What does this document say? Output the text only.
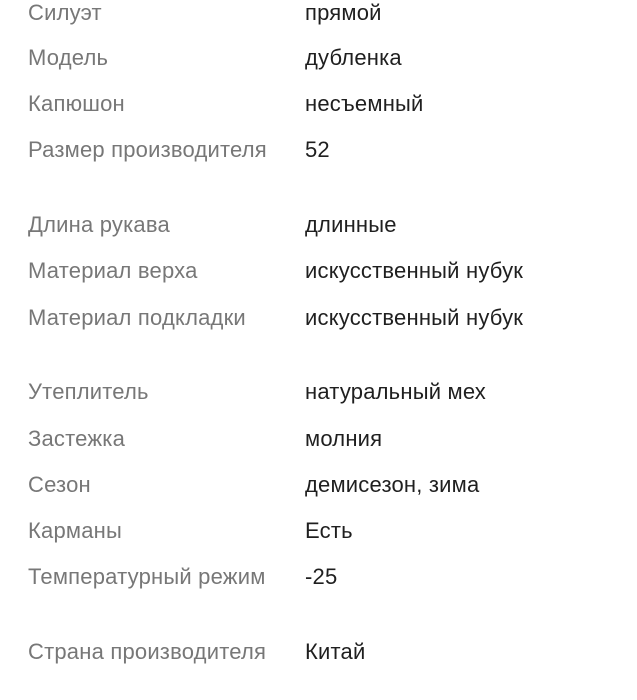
Силуэт	прямой
Модель	дубленка
Капюшон	несъемный
Размер производителя	52
Длина рукава	длинные
Материал верха	искусственный нубук
Материал подкладки	искусственный нубук
Утеплитель	натуральный мех
Застежка	молния
Сезон	демисезон, зима
Карманы	Есть
Температурный режим	-25
Страна производителя	Китай
